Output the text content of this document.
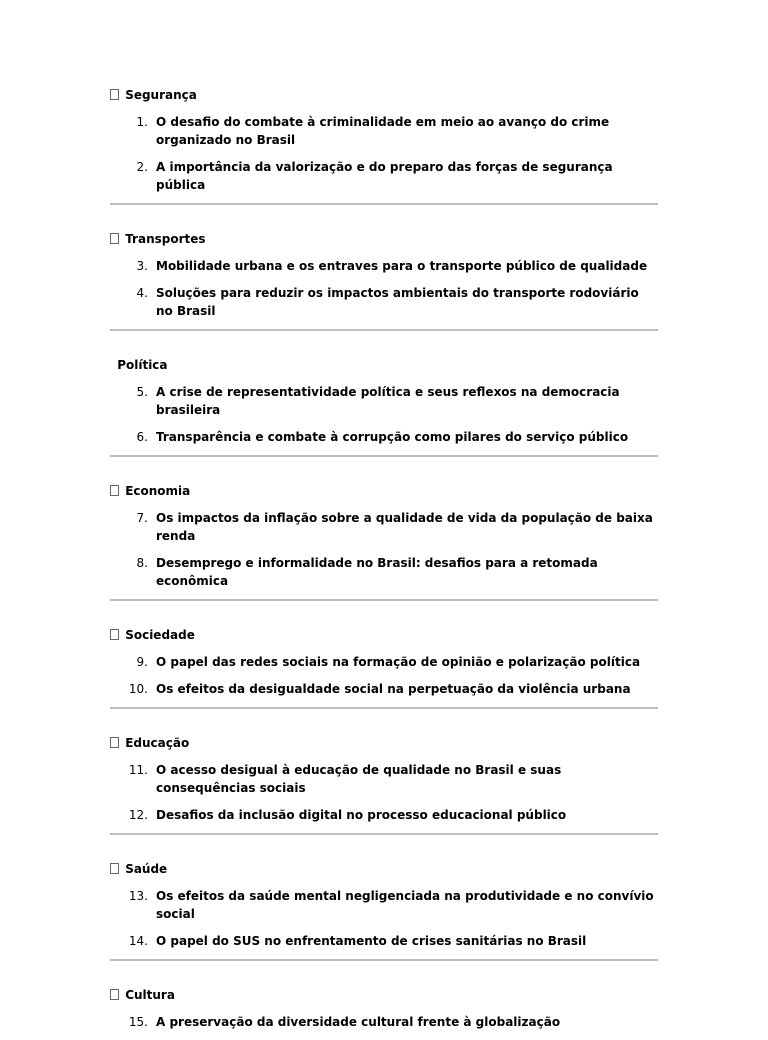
Segurança
1. O desafio do combate à criminalidade em meio ao avanço do crime organizado no Brasil
2. A importância da valorização e do preparo das forças de segurança pública
Transportes
3. Mobilidade urbana e os entraves para o transporte público de qualidade
4. Soluções para reduzir os impactos ambientais do transporte rodoviário no Brasil
Política
5. A crise de representatividade política e seus reflexos na democracia brasileira
6. Transparência e combate à corrupção como pilares do serviço público
Economia
7. Os impactos da inflação sobre a qualidade de vida da população de baixa renda
8. Desemprego e informalidade no Brasil: desafios para a retomada econômica
Sociedade
9. O papel das redes sociais na formação de opinião e polarização política
10. Os efeitos da desigualdade social na perpetuação da violência urbana
Educação
11. O acesso desigual à educação de qualidade no Brasil e suas consequências sociais
12. Desafios da inclusão digital no processo educacional público
Saúde
13. Os efeitos da saúde mental negligenciada na produtividade e no convívio social
14. O papel do SUS no enfrentamento de crises sanitárias no Brasil
Cultura
15. A preservação da diversidade cultural frente à globalização
